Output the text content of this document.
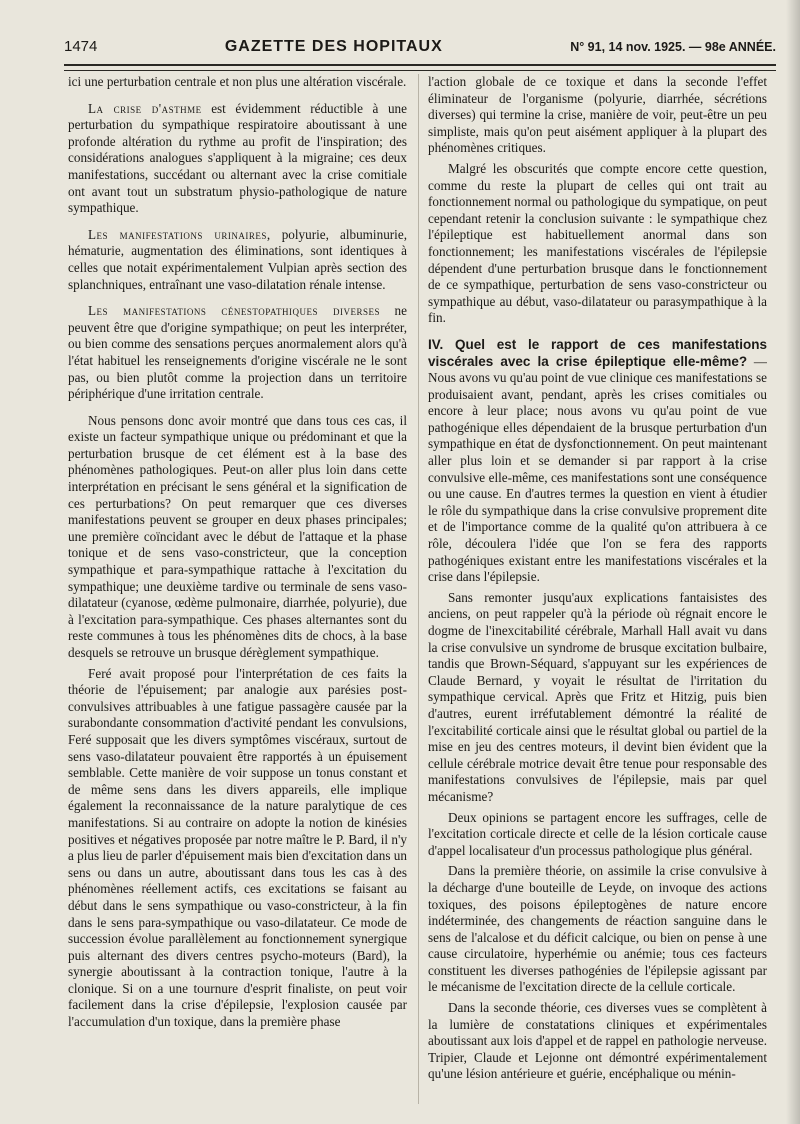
1474	GAZETTE DES HOPITAUX	N° 91, 14 nov. 1925. — 98e ANNÉE.

ici une perturbation centrale et non plus une altération viscérale.

La crise d'asthme est évidemment réductible à une perturbation du sympathique respiratoire aboutissant à une profonde altération du rythme au profit de l'inspiration; des considérations analogues s'appliquent à la migraine; ces deux manifestations, succédant ou alternant avec la crise comitiale ont avant tout un substratum physio-pathologique de nature sympathique.

Les manifestations urinaires, polyurie, albuminurie, hématurie, augmentation des éliminations, sont identiques à celles que notait expérimentalement Vulpian après section des splanchniques, entraînant une vaso-dilatation rénale intense.

Les manifestations cénestopathiques diverses ne peuvent être que d'origine sympathique; on peut les interpréter, ou bien comme des sensations perçues anormalement alors qu'à l'état habituel les renseignements d'origine viscérale ne le sont pas, ou bien plutôt comme la projection dans un territoire périphérique d'une irritation centrale.

Nous pensons donc avoir montré que dans tous ces cas, il existe un facteur sympathique unique ou prédominant et que la perturbation brusque de cet élément est à la base des phénomènes pathologiques. Peut-on aller plus loin dans cette interprétation en précisant le sens général et la signification de ces perturbations? On peut remarquer que ces diverses manifestations peuvent se grouper en deux phases principales; une première coïncidant avec le début de l'attaque et la phase tonique et de sens vaso-constricteur, que la conception sympathique et para-sympathique rattache à l'excitation du sympathique; une deuxième tardive ou terminale de sens vaso-dilatateur (cyanose, œdème pulmonaire, diarrhée, polyurie), due à l'excitation para-sympathique. Ces phases alternantes sont du reste communes à tous les phénomènes dits de chocs, à la base desquels se retrouve un brusque dérèglement sympathique.

Feré avait proposé pour l'interprétation de ces faits la théorie de l'épuisement; par analogie aux parésies post-convulsives attribuables à une fatigue passagère causée par la surabondante consommation d'activité pendant les convulsions, Feré supposait que les divers symptômes viscéraux, surtout de sens vaso-dilatateur pouvaient être rapportés à un épuisement semblable. Cette manière de voir suppose un tonus constant et de même sens dans les divers appareils, elle implique également la reconnaissance de la nature paralytique de ces manifestations. Si au contraire on adopte la notion de kinésies positives et négatives proposée par notre maître le P. Bard, il n'y a plus lieu de parler d'épuisement mais bien d'excitation dans un sens ou dans un autre, aboutissant dans tous les cas à des phénomènes réellement actifs, ces excitations se faisant au début dans le sens sympathique ou vaso-constricteur, à la fin dans le sens para-sympathique ou vaso-dilatateur. Ce mode de succession évolue parallèlement au fonctionnement synergique puis alternant des divers centres psycho-moteurs (Bard), la synergie aboutissant à la contraction tonique, l'autre à la clonique. Si on a une tournure d'esprit finaliste, on peut voir facilement dans la crise d'épilepsie, l'explosion causée par l'accumulation d'un toxique, dans la première phase

l'action globale de ce toxique et dans la seconde l'effet éliminateur de l'organisme (polyurie, diarrhée, sécrétions diverses) qui termine la crise, manière de voir, peut-être un peu simpliste, mais qu'on peut aisément appliquer à la plupart des phénomènes critiques.

Malgré les obscurités que compte encore cette question, comme du reste la plupart de celles qui ont trait au fonctionnement normal ou pathologique du sympatique, on peut cependant retenir la conclusion suivante : le sympathique chez l'épileptique est habituellement anormal dans son fonctionnement; les manifestations viscérales de l'épilepsie dépendent d'une perturbation brusque dans le fonctionnement de ce sympathique, perturbation de sens vaso-constricteur ou sympathique au début, vaso-dilatateur ou parasympathique à la fin.

IV. Quel est le rapport de ces manifestations viscérales avec la crise épileptique elle-même? — Nous avons vu qu'au point de vue clinique ces manifestations se produisaient avant, pendant, après les crises comitiales ou encore à leur place; nous avons vu qu'au point de vue pathogénique elles dépendaient de la brusque perturbation d'un sympathique en état de dysfonctionnement. On peut maintenant aller plus loin et se demander si par rapport à la crise convulsive elle-même, ces manifestations sont une conséquence ou une cause. En d'autres termes la question en vient à étudier le rôle du sympathique dans la crise convulsive proprement dite et de l'importance comme de la qualité qu'on attribuera à ce rôle, découlera l'idée que l'on se fera des rapports pathogéniques existant entre les manifestations viscérales et la crise dans l'épilepsie.

Sans remonter jusqu'aux explications fantaisistes des anciens, on peut rappeler qu'à la période où régnait encore le dogme de l'inexcitabilité cérébrale, Marhall Hall avait vu dans la crise convulsive un syndrome de brusque excitation bulbaire, tandis que Brown-Séquard, s'appuyant sur les expériences de Claude Bernard, y voyait le résultat de l'irritation du sympathique cervical. Après que Fritz et Hitzig, puis bien d'autres, eurent irréfutablement démontré la réalité de l'excitabilité corticale ainsi que le résultat global ou partiel de la mise en jeu des centres moteurs, il devint bien évident que la cellule cérébrale motrice devait être tenue pour responsable des manifestations convulsives de l'épilepsie, mais par quel mécanisme?

Deux opinions se partagent encore les suffrages, celle de l'excitation corticale directe et celle de la lésion corticale cause d'appel localisateur d'un processus pathologique plus général.

Dans la première théorie, on assimile la crise convulsive à la décharge d'une bouteille de Leyde, on invoque des actions toxiques, des poisons épileptogènes de nature encore indéterminée, des changements de réaction sanguine dans le sens de l'alcalose et du déficit calcique, ou bien on pense à une cause circulatoire, hyperhémie ou anémie; tous ces facteurs constituent les diverses pathogénies de l'épilepsie agissant par le mécanisme de l'excitation directe de la cellule corticale.

Dans la seconde théorie, ces diverses vues se complètent à la lumière de constatations cliniques et expérimentales aboutissant aux lois d'appel et de rappel en pathologie nerveuse. Tripier, Claude et Lejonne ont démontré expérimentalement qu'une lésion antérieure et guérie, encéphalique ou ménin-
